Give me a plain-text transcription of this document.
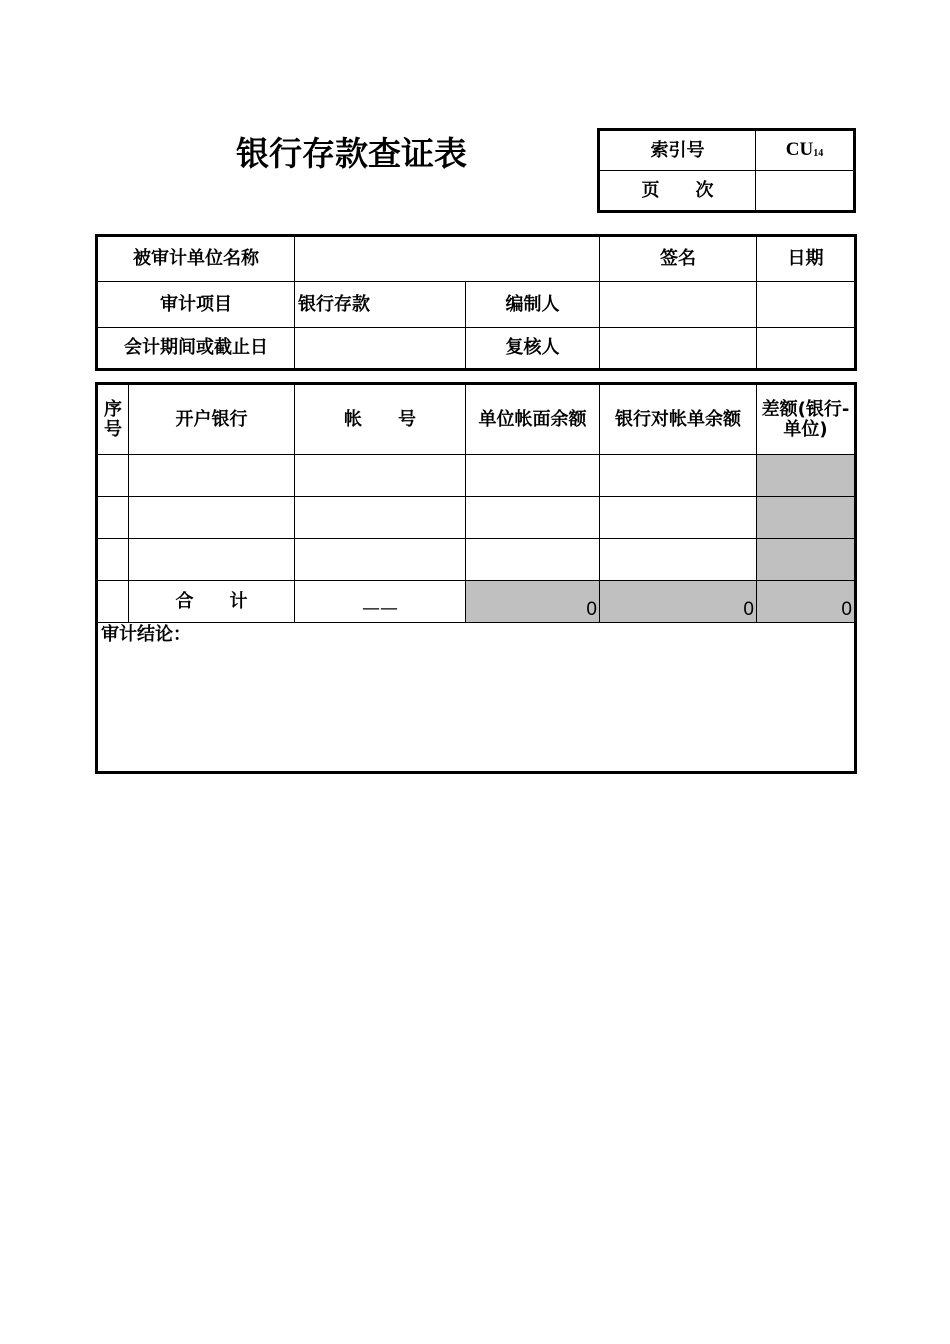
银行存款查证表	索引号	$CU_{14}$
页　　次	
被审计单位名称			签名	日期
审计项目	银行存款	编制人		
会计期间或截止日		复核人		
序号	开户银行	帐　　号	单位帐面余额	银行对帐单余额	差额(银行-单位)

	合　　计	——	0	0	0
审计结论：					
